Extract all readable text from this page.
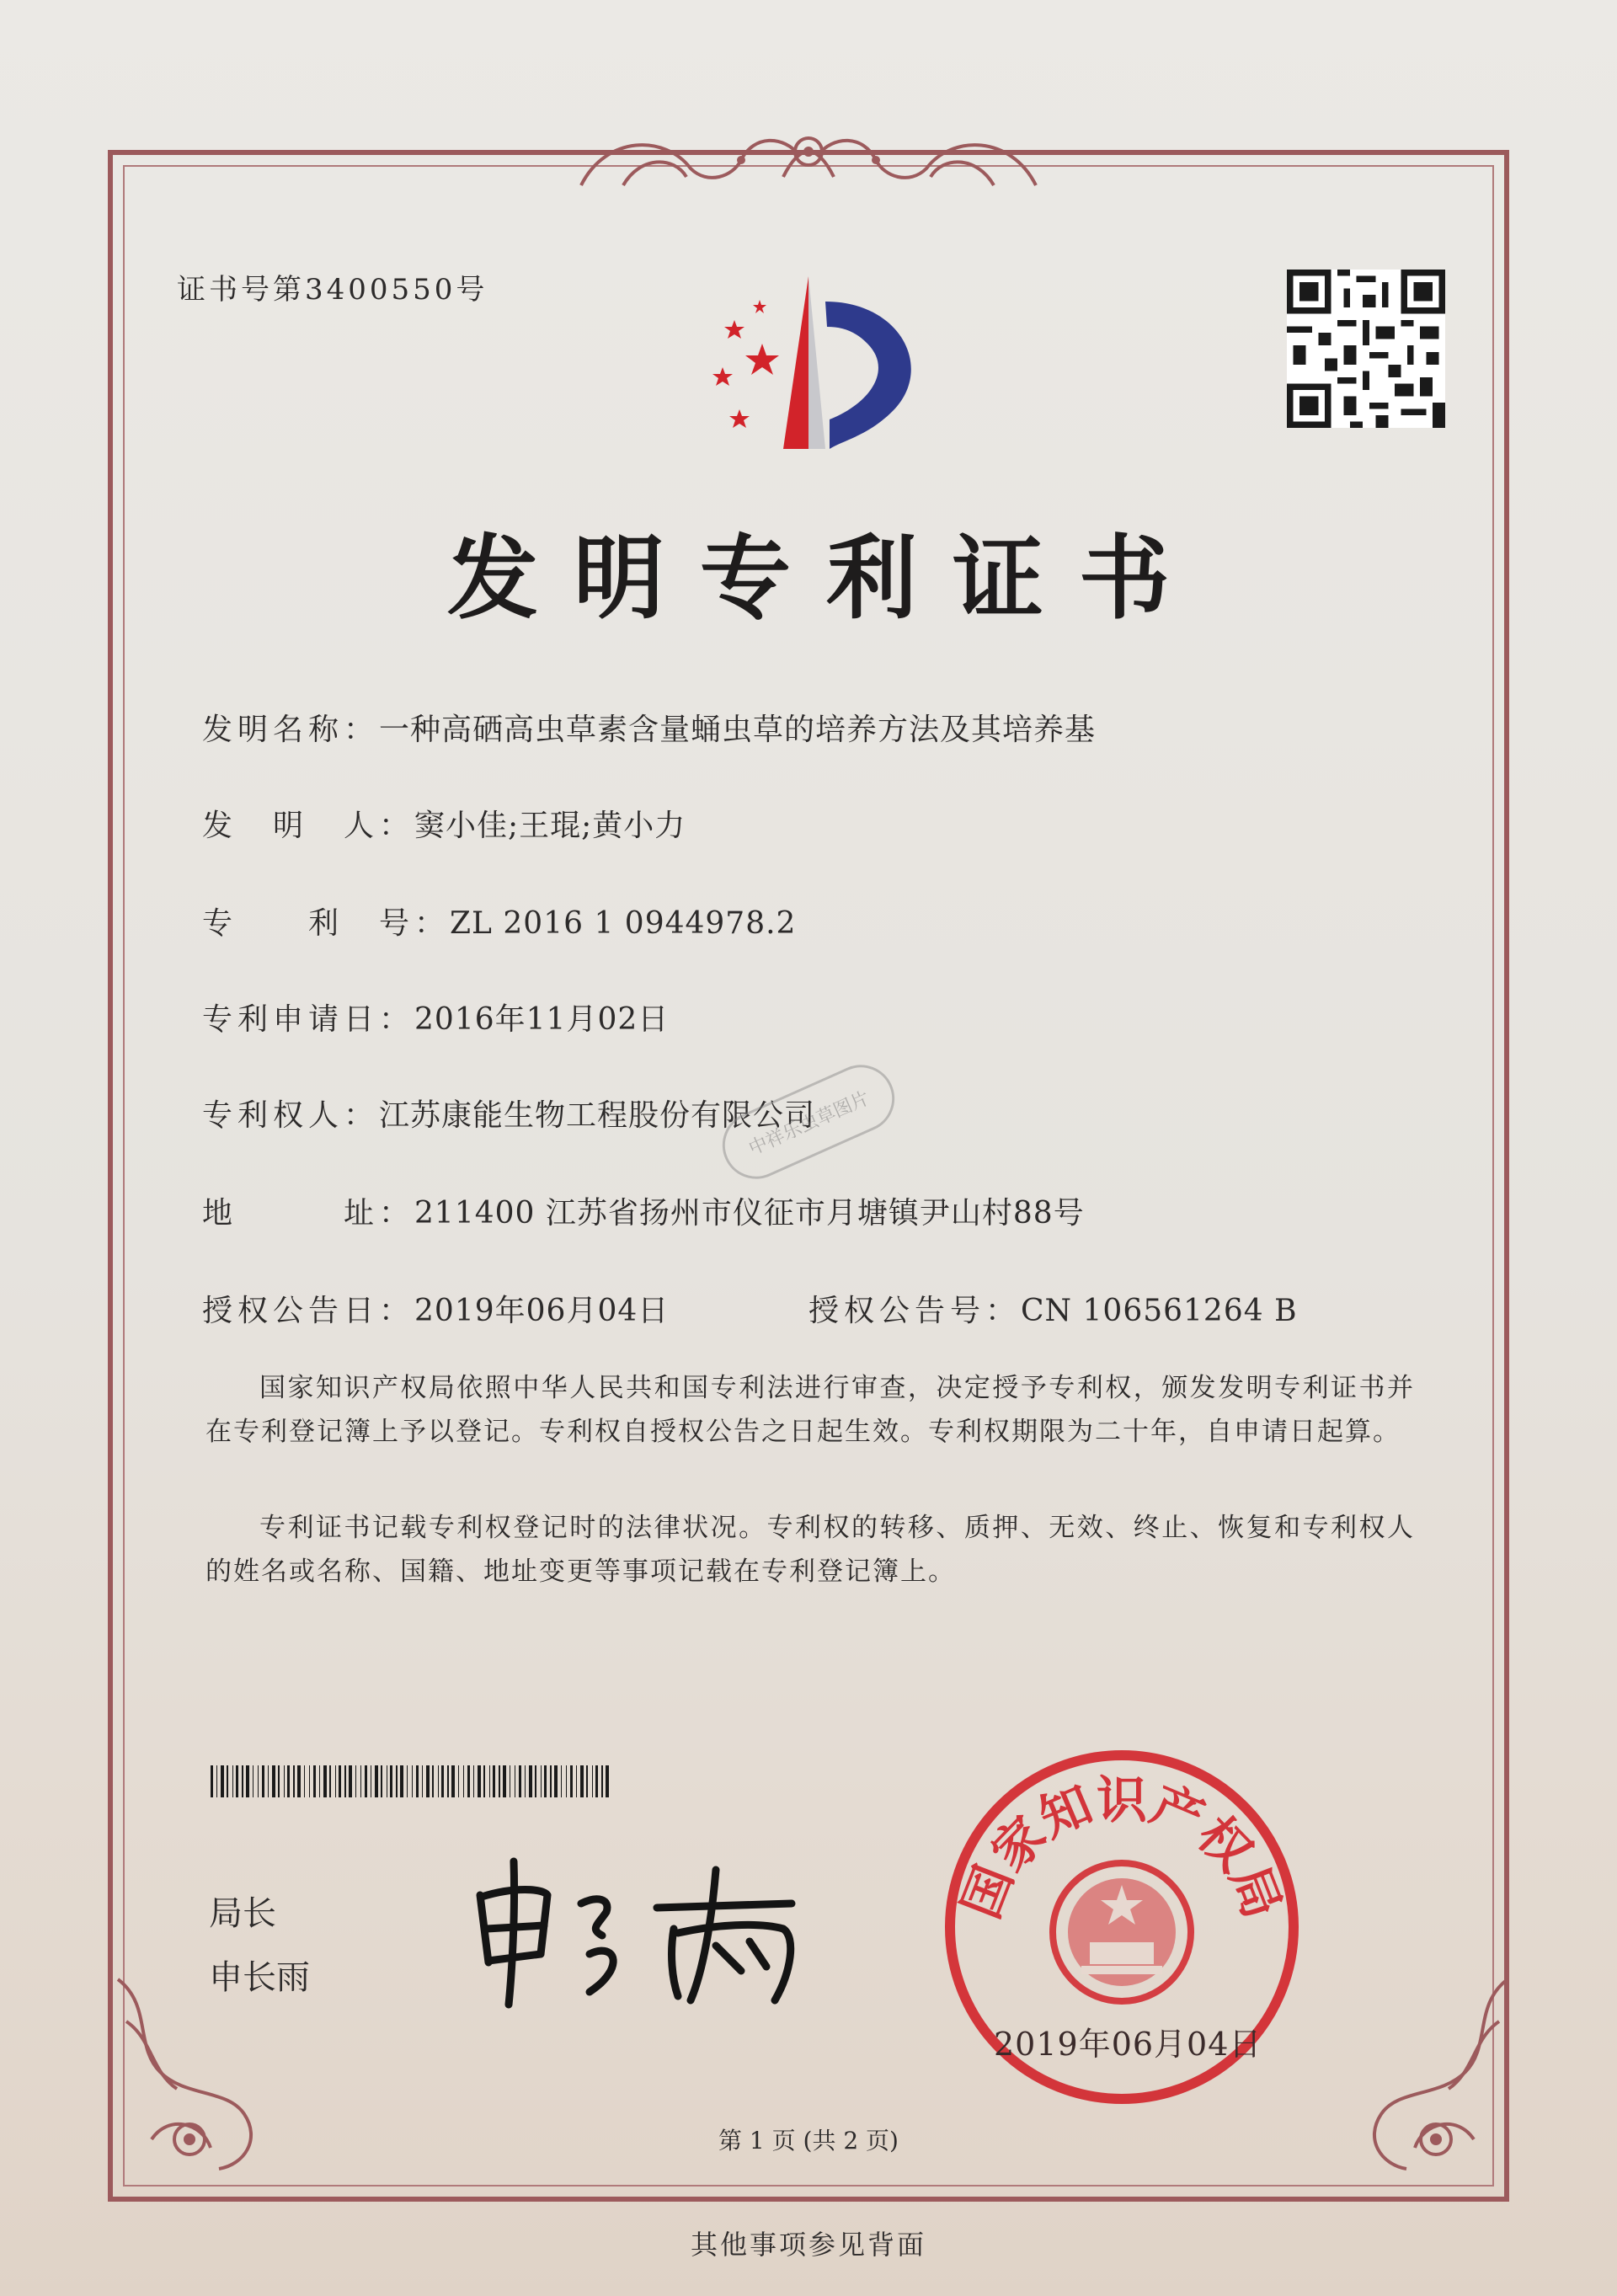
证书号第3400550号
发明专利证书
发明名称：一种高硒高虫草素含量蛹虫草的培养方法及其培养基
发　明　人：窦小佳;王琨;黄小力
专　　利　号：ZL 2016 1 0944978.2
专利申请日：2016年11月02日
专利权人：江苏康能生物工程股份有限公司
地　　　址：211400 江苏省扬州市仪征市月塘镇尹山村88号
授权公告日：2019年06月04日	授权公告号：CN 106561264 B
中祥乐虫草图片
国家知识产权局依照中华人民共和国专利法进行审查，决定授予专利权，颁发发明专利证书并在专利登记簿上予以登记。专利权自授权公告之日起生效。专利权期限为二十年，自申请日起算。
专利证书记载专利权登记时的法律状况。专利权的转移、质押、无效、终止、恢复和专利权人的姓名或名称、国籍、地址变更等事项记载在专利登记簿上。
局长
申长雨
国家知识产权局
2019年06月04日
第 1 页 (共 2 页)
其他事项参见背面
